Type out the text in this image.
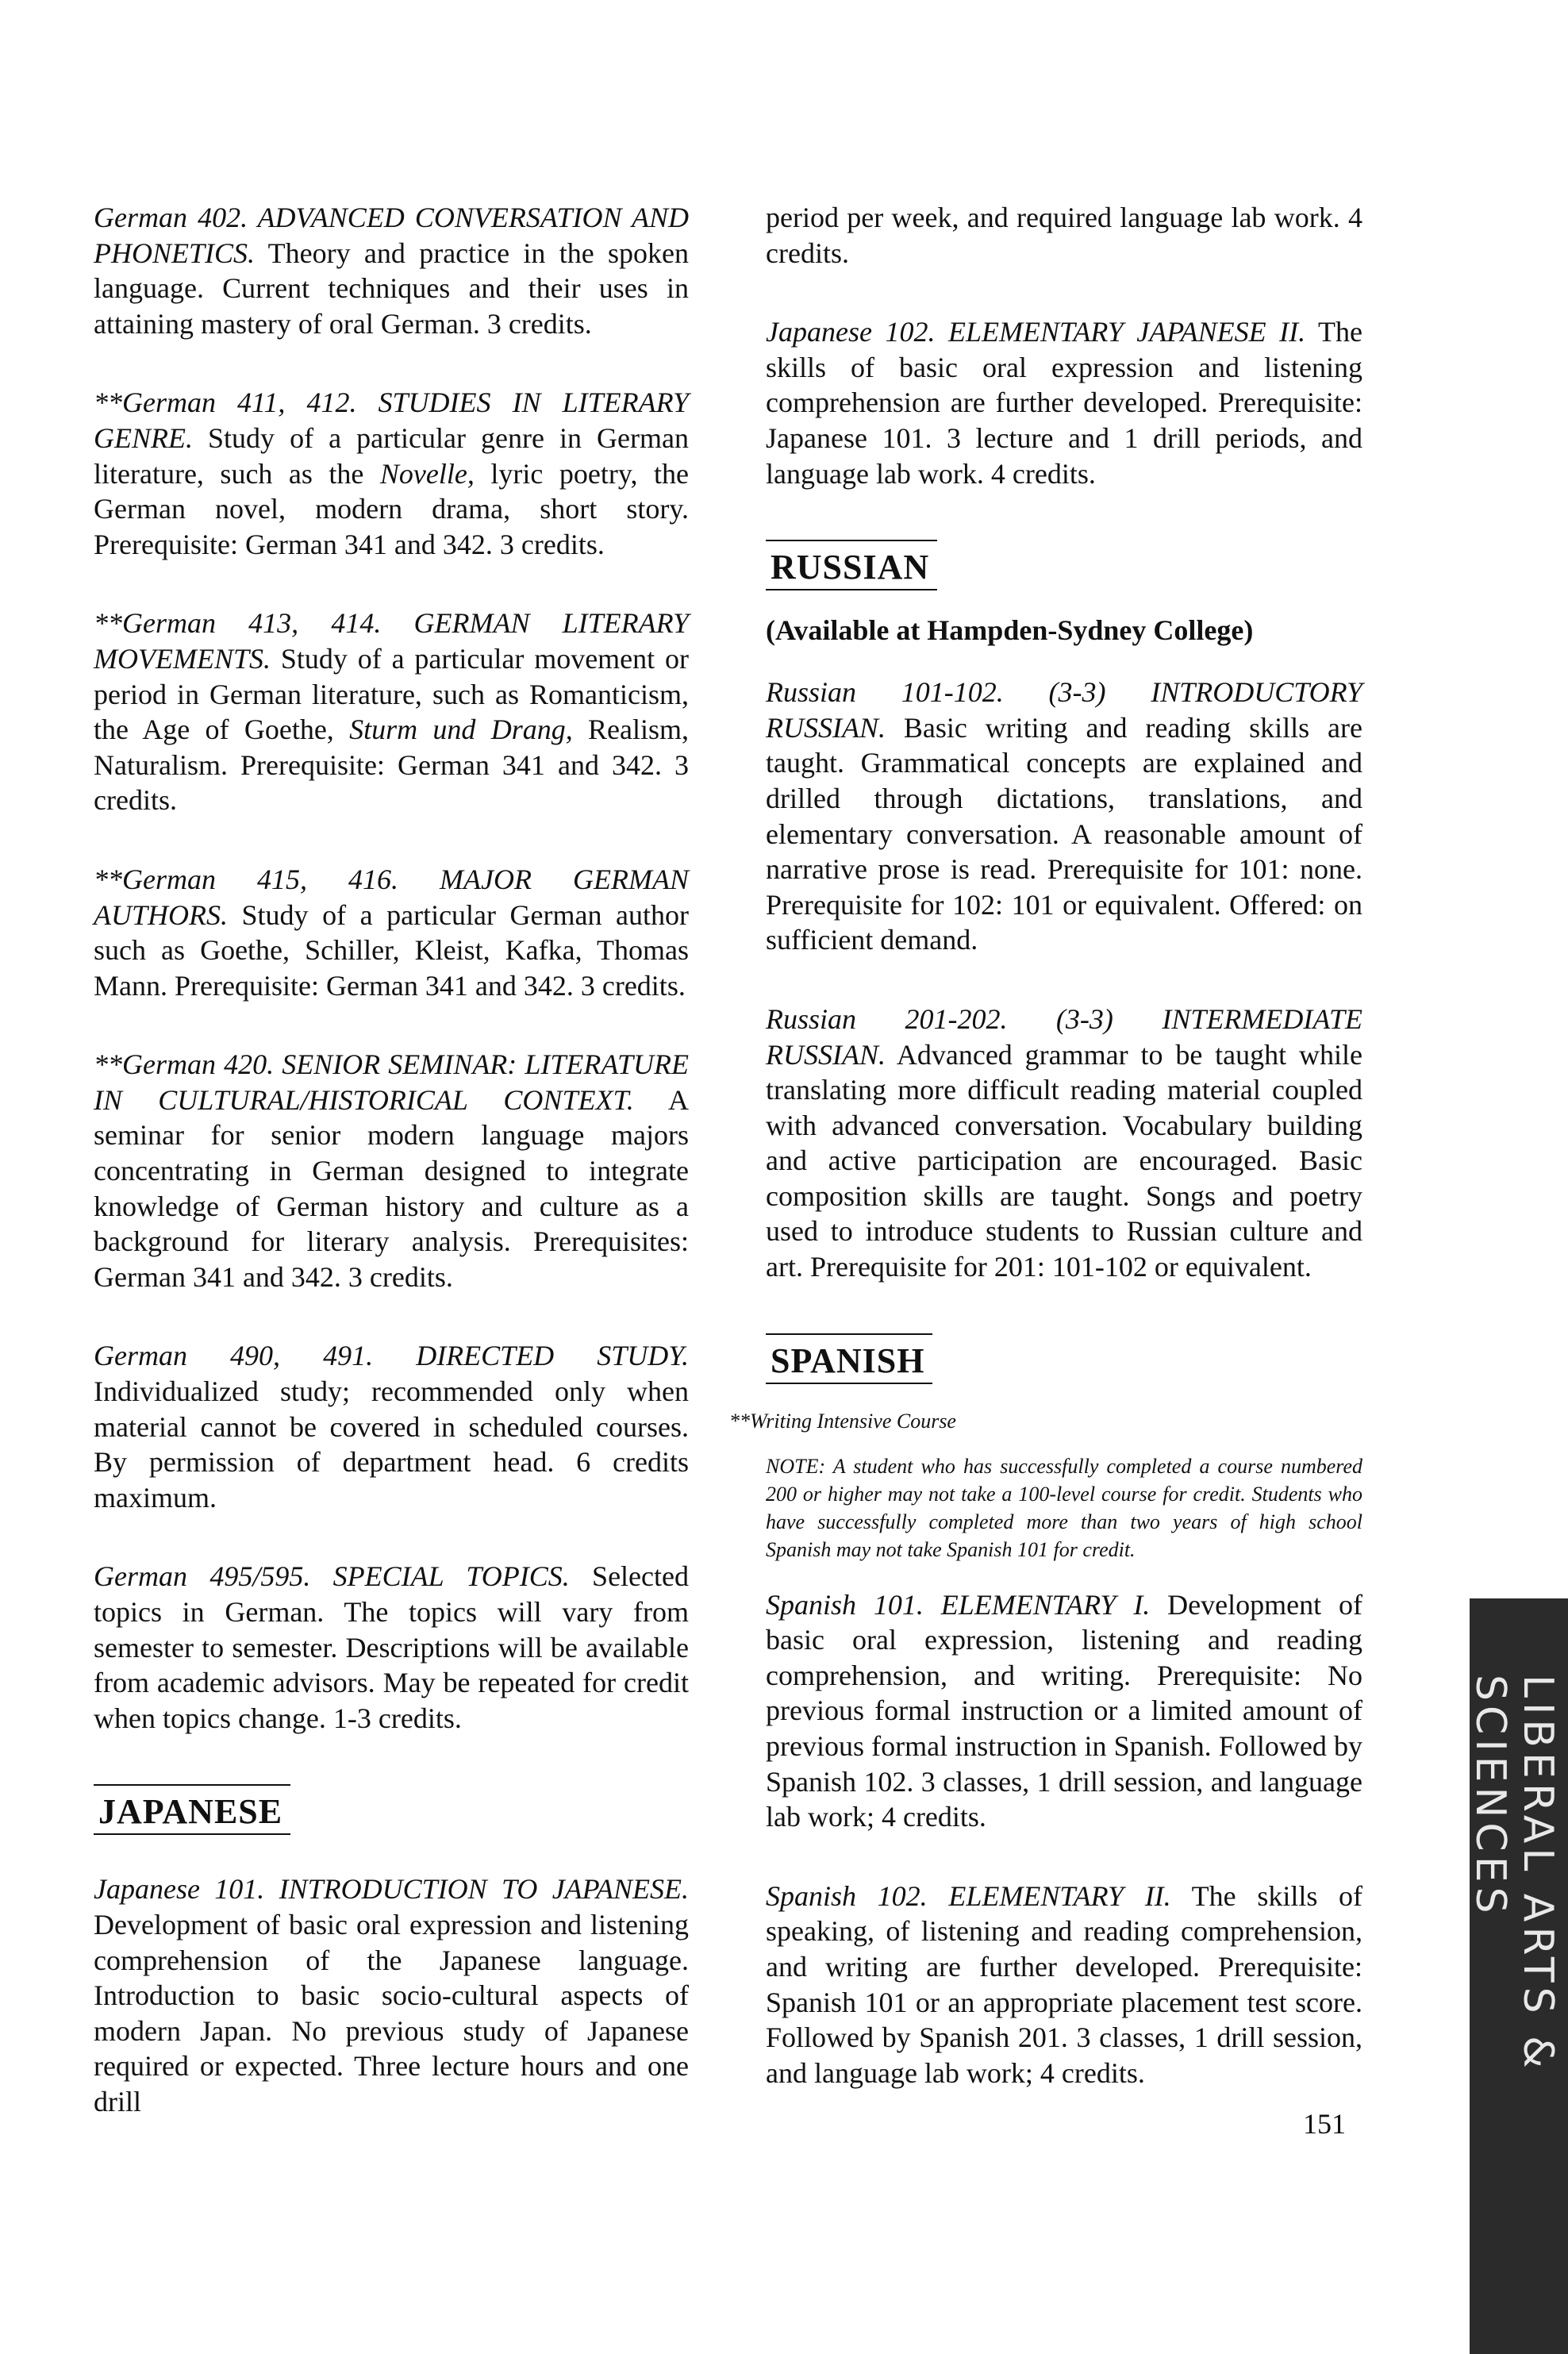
German 402. ADVANCED CONVERSATION AND PHONETICS. Theory and practice in the spoken language. Current techniques and their uses in attaining mastery of oral German. 3 credits.

**German 411, 412. STUDIES IN LITERARY GENRE. Study of a particular genre in German literature, such as the Novelle, lyric poetry, the German novel, modern drama, short story. Prerequisite: German 341 and 342. 3 credits.

**German 413, 414. GERMAN LITERARY MOVEMENTS. Study of a particular movement or period in German literature, such as Romanticism, the Age of Goethe, Sturm und Drang, Realism, Naturalism. Prerequisite: German 341 and 342. 3 credits.

**German 415, 416. MAJOR GERMAN AUTHORS. Study of a particular German author such as Goethe, Schiller, Kleist, Kafka, Thomas Mann. Prerequisite: German 341 and 342. 3 credits.

**German 420. SENIOR SEMINAR: LITERATURE IN CULTURAL/HISTORICAL CONTEXT. A seminar for senior modern language majors concentrating in German designed to integrate knowledge of German history and culture as a background for literary analysis. Prerequisites: German 341 and 342. 3 credits.

German 490, 491. DIRECTED STUDY. Individualized study; recommended only when material cannot be covered in scheduled courses. By permission of department head. 6 credits maximum.

German 495/595. SPECIAL TOPICS. Selected topics in German. The topics will vary from semester to semester. Descriptions will be available from academic advisors. May be repeated for credit when topics change. 1-3 credits.

JAPANESE

Japanese 101. INTRODUCTION TO JAPANESE. Development of basic oral expression and listening comprehension of the Japanese language. Introduction to basic socio-cultural aspects of modern Japan. No previous study of Japanese required or expected. Three lecture hours and one drill

period per week, and required language lab work. 4 credits.

Japanese 102. ELEMENTARY JAPANESE II. The skills of basic oral expression and listening comprehension are further developed. Prerequisite: Japanese 101. 3 lecture and 1 drill periods, and language lab work. 4 credits.

RUSSIAN

(Available at Hampden-Sydney College)

Russian 101-102. (3-3) INTRODUCTORY RUSSIAN. Basic writing and reading skills are taught. Grammatical concepts are explained and drilled through dictations, translations, and elementary conversation. A reasonable amount of narrative prose is read. Prerequisite for 101: none. Prerequisite for 102: 101 or equivalent. Offered: on sufficient demand.

Russian 201-202. (3-3) INTERMEDIATE RUSSIAN. Advanced grammar to be taught while translating more difficult reading material coupled with advanced conversation. Vocabulary building and active participation are encouraged. Basic composition skills are taught. Songs and poetry used to introduce students to Russian culture and art. Prerequisite for 201: 101-102 or equivalent.

SPANISH

**Writing Intensive Course

NOTE: A student who has successfully completed a course numbered 200 or higher may not take a 100-level course for credit. Students who have successfully completed more than two years of high school Spanish may not take Spanish 101 for credit.

Spanish 101. ELEMENTARY I. Development of basic oral expression, listening and reading comprehension, and writing. Prerequisite: No previous formal instruction or a limited amount of previous formal instruction in Spanish. Followed by Spanish 102. 3 classes, 1 drill session, and language lab work; 4 credits.

Spanish 102. ELEMENTARY II. The skills of speaking, of listening and reading comprehension, and writing are further developed. Prerequisite: Spanish 101 or an appropriate placement test score. Followed by Spanish 201. 3 classes, 1 drill session, and language lab work; 4 credits.

151
LIBERAL ARTS & SCIENCES
